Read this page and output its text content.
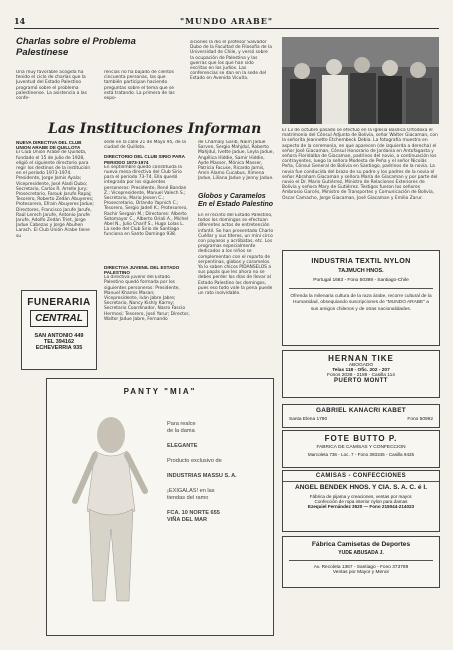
14	"MUNDO ARABE"
Charlas sobre el Problema Palestinese
Una muy favorable acogida ha tenido el ciclo de charlas que la Juventud del Estado Palestino programó sobre el problema palestinense. La asistencia a las confe-
rencias no ha bajado de cientos cincuenta personas, las que también participan haciendo preguntas sobre el tema que se está tratando. La primera de las expo-
siciones la dio el profesor Salvador Dubo de la Facultad de Filosofía de la Universidad de Chile, y versó sobre la ocupación de Palestina y las guerras que los que han sido escritas en los judíos. Las conferencias se dan en la sede del Estado en Avenida Vicuña.
El 13 de octubre pasado se efectuó en la Iglesia Basílica Ortodoxa el matrimonio del Cónsul Adjunto de Bolivia, señor Walter Giacaman, con la señorita Jeannette Etchembeck Debia. La fotografía muestra en aspecto de la ceremonia, en que aparecen (de izquierda a derecha) el señor José Giacaman, Cónsul Honorario de Jordania en Antofagasta y señora Floridalba de Giacaman, padrinos del novio, a continuación los contrayentes, luego la señora Modesta de Peña y el señor Nicolás Peña, Cónsul General de Bolivia en Santiago, padrinos de la novia. La novia fue conducida del brazo de su padre y los padres de la novia el señor Abraham Giacaman y señora María de Giacaman y por parte del novio el Dr. Mario Gutiérrez, Ministro de Relaciones Exteriores de Bolivia y señora Mary de Gutiérrez. Testigos fueron los señores Ambrosio Garcés, Ministro de Transportes y Comunicación de Bolivia, Oscar Camacho, Jorge Giacaman, José Giacaman y Emilio Zarur.
Las Instituciones Informan
NUEVA DIRECTIVA DEL CLUB UNION ARABE DE QUILLOTA
El Club Unión Arabe de Quillota, fundado el 15 de julio de 1928, eligió el siguiente directorio para regir los destinos de la institución en el período 1973-1974. Presidente, Jorge Jamis Ayala; Vicepresidente, José Aladi Dubo; Secretario, Carlos R. Arrelle Jury; Prosecretario, Farouk Jarufe Rapaj; Tesorero, Roberto Zedán Abuyeres; Protesorero, Efraín Abuyeres Jadue; Directores, Francisco Jarufe Jarufe, Raúl Lerech Jarufe, Antonio Jarufe Jarufe, Adolfo Zedán Triet, Jorge Jadue Cabezas y Jorge Abuhen Larach. El Club Unión Arabe tiene su
sede en la calle 21 de Mayo 95, de la ciudad de Quillota.
DIRECTORIO DEL CLUB SIRIO PARA PERIODO 1973-1974
En septiembre quedó constituida la nueva mesa directiva del Club Sirio para el período 73-74. Ella quedó integrada por los siguientes personeros: Presidente, René Bandan Z.; Vicepresidente, Manuel Valech S.; Secretario, Mario Jessen C.; Prosecretario, Orlando Yapnich C.; Tesorero, Sergio Jadell K.; Protesorero, Rachir Sergain M.; Directores: Alberto Sotomayor C., Alberto Oriali A., Michel Abel N., Julio Charif S., Hugo Lolas L. La sede del Club Sirio de Santiago funciona en Santo Domingo 938.
DIRECTIVA JUVENIL DEL ESTADO PALESTINO
La directiva juvenil del Estado Palestino quedó formada por los siguientes personeros: Presidente, Manuel Khamis Masan; Vicepresidente, Iván Jabre Jabre; Secretario, Nancy Kishly Karmy; Secretario Coordinador, Nasro Fascio Hermosi; Tesorero, José Yarur; Director, Walter Jadue Jabre, Fernando
de Chamaly Garib, Naim Jadue Sarven, Sergio Mahjdul, Roberto Mahjdul, Ivette Jadue, Leyla Jadue, Angélica Hiddie, Samir Hiddie, Ayde Masser, Mónica Masser, Patricia Facuse, Ricardo Jamis, Amín Alamo Cucabus, Ximena Jadue, Liliana Jadue y Jenny Jadue.
Globos y Caramelos En el Estado Palestino
En el recinto del Estado Palestino, todos los domingos se efectúan diferentes actos de entretención infantil. Se han presentado Charlo Cuéllar y sus títeres, un mini circo con payasos y acróbatas, etc. Los programas especialmente dedicados a los niños se complementan con el reparto de serpentinas, globos y caramelos. Ya lo saben chicos PIDANSELOS a sus papás que les ahora no se debes perder los días de llevar al Estado Palestino los domingos, pues eso todo vale la pena puede un rato inolvidable.
FUNERARIA
CENTRAL
SAN ANTONIO 449
TEL 394162
ECHEVERRIA 935
PANTY "MIA"
Para realce
de la dama
ELEGANTE
Producto exclusivo de
INDUSTRIAS MASSU S. A.
¡EXIGALAS! en las
tiendas del ramo
FCA. 10 NORTE 655
VIÑA DEL MAR
INDUSTRIA TEXTIL NYLON
TAJMUCH HNOS.
Portugal 1683 - Fono 50398 - Santiago-Chile
Ofrenda la milenaria cultura de la raza árabe, recorre cultural de la Humanidad, obsequiando suscripciones de "MUNDO ARABE" a sus amigos chilenos y de otras nacionalidades.
HERNAN TIKE
ABOGADO
Telas 118 - Ofic. 202 - 207
Fonos 2038 - 2188 - Casilla 114
PUERTO MONTT
GABRIEL KANACRI KABET
Santa Elena 1780	Fono 50992
FOTE BUTTO P.
FABRICA DE CAMISAS Y CONFECCION
Marcoleta 736 - Loc. 7 - Fono 393345 - Casilla 9425
CAMISAS - CONFECCIONES
ANGEL BENDEK HNOS. Y CIA. S. A. C. é I.
Fábrica de pijama y creaciones, ventas por mayor.
Confección de ropa interior nylon para damas
Ezequiel Fernández 3520 — Fono 215044-214023
Fábrica Camisetas de Deportes
YUDE ABUSADA J.
Av. Recoleta 1367 - Santiago - Fono 373789
Ventas por Mayor y Menor
